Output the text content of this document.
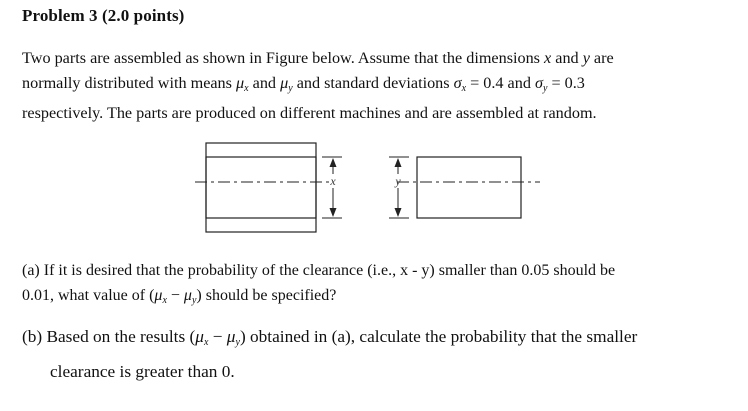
Problem 3 (2.0 points)
Two parts are assembled as shown in Figure below. Assume that the dimensions x and y are
normally distributed with means $\mu_x$ and $\mu_y$ and standard deviations $\sigma_x = 0.4$ and $\sigma_y = 0.3$
respectively. The parts are produced on different machines and are assembled at random.
x	y
(a) If it is desired that the probability of the clearance (i.e., x - y) smaller than 0.05 should be
0.01, what value of $(\mu_x - \mu_y)$ should be specified?
(b) Based on the results $(\mu_x - \mu_y)$ obtained in (a), calculate the probability that the smaller
clearance is greater than 0.
